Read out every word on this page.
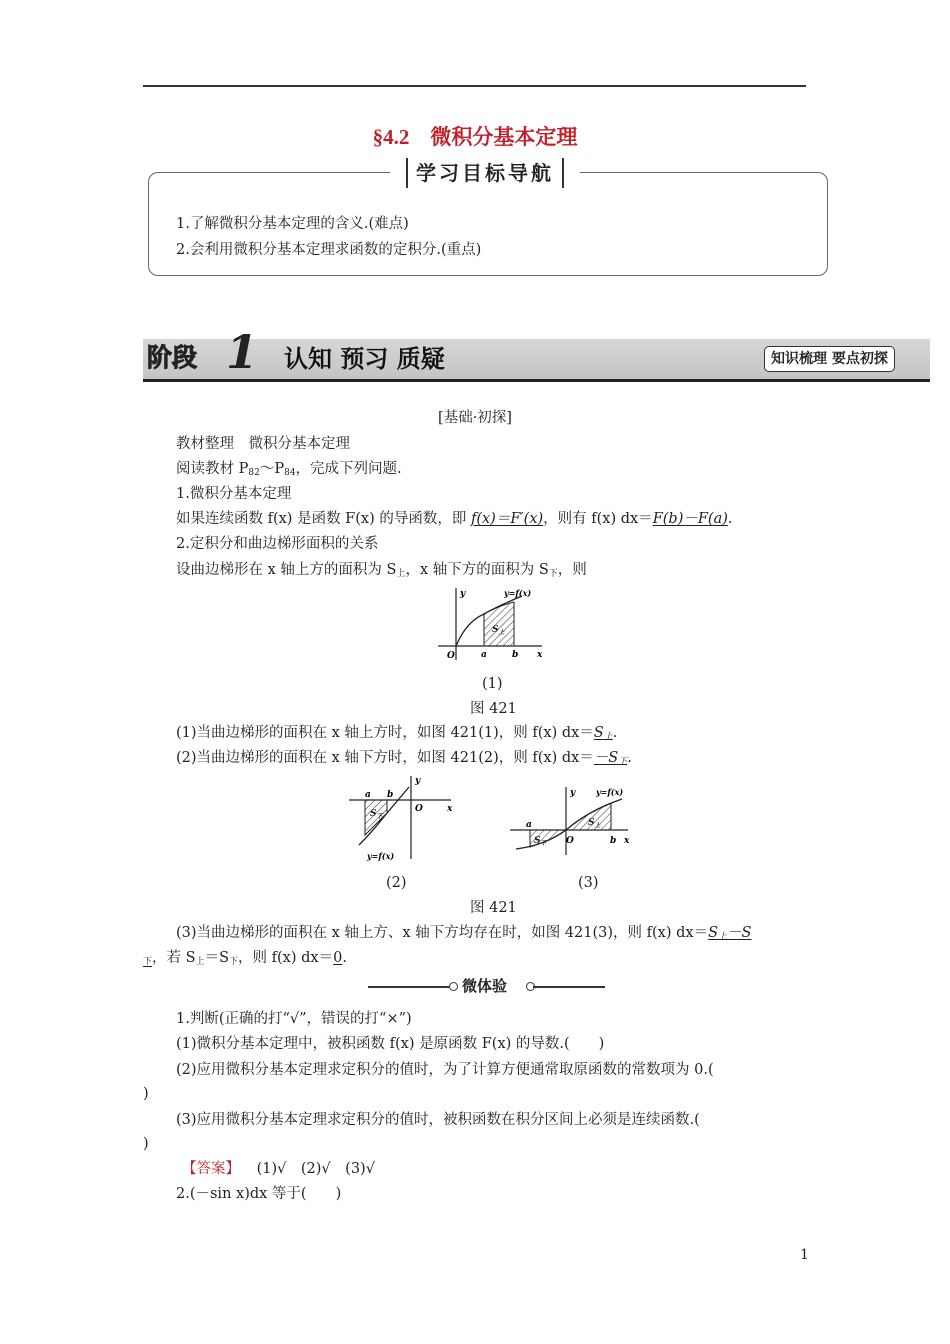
§4.2　微积分基本定理
学习目标导航
1.了解微积分基本定理的含义.(难点)
2.会利用微积分基本定理求函数的定积分.(重点)
阶段 1 认知 预习 质疑	知识梳理 要点初探
[基础·初探]
教材整理　微积分基本定理
阅读教材 $P_{82}\sim P_{84}$，完成下列问题.
1.微积分基本定理
如果连续函数 f(x) 是函数 F(x) 的导函数，即 f(x)＝F′(x)，则有 f(x) dx＝F(b)－F(a).
2.定积分和曲边梯形面积的关系
设曲边梯形在 x 轴上方的面积为 $S_上$，x 轴下方的面积为 $S_下$，则
y
x
O	a	b
y=f(x)
$S_上$
(1)
图 421
(1)当曲边梯形的面积在 x 轴上方时，如图 421(1)，则 f(x) $dx=S_上$.
(2)当曲边梯形的面积在 x 轴下方时，如图 421(2)，则 f(x) $dx=-S_下$.
y
x
O
a b
$S_下$
y=f(x)
y
x
O
a
b
y=f(x)
$S_上$
$S_下$
(2)	(3)
图 421
(3)当曲边梯形的面积在 x 轴上方、x 轴下方均存在时，如图 421(3)，则 f(x) $dx=S_上-S$
$_下$，若 $S_上=S_下$，则 f(x) dx＝0.
微体验
1.判断(正确的打“√”，错误的打“×”)
(1)微积分基本定理中，被积函数 f(x) 是原函数 F(x) 的导数.(　　)
(2)应用微积分基本定理求定积分的值时，为了计算方便通常取原函数的常数项为 0.(
)
(3)应用微积分基本定理求定积分的值时，被积函数在积分区间上必须是连续函数.(
)
【答案】 (1)√　(2)√　(3)√
2.(－sin x)dx 等于(　　)
1
